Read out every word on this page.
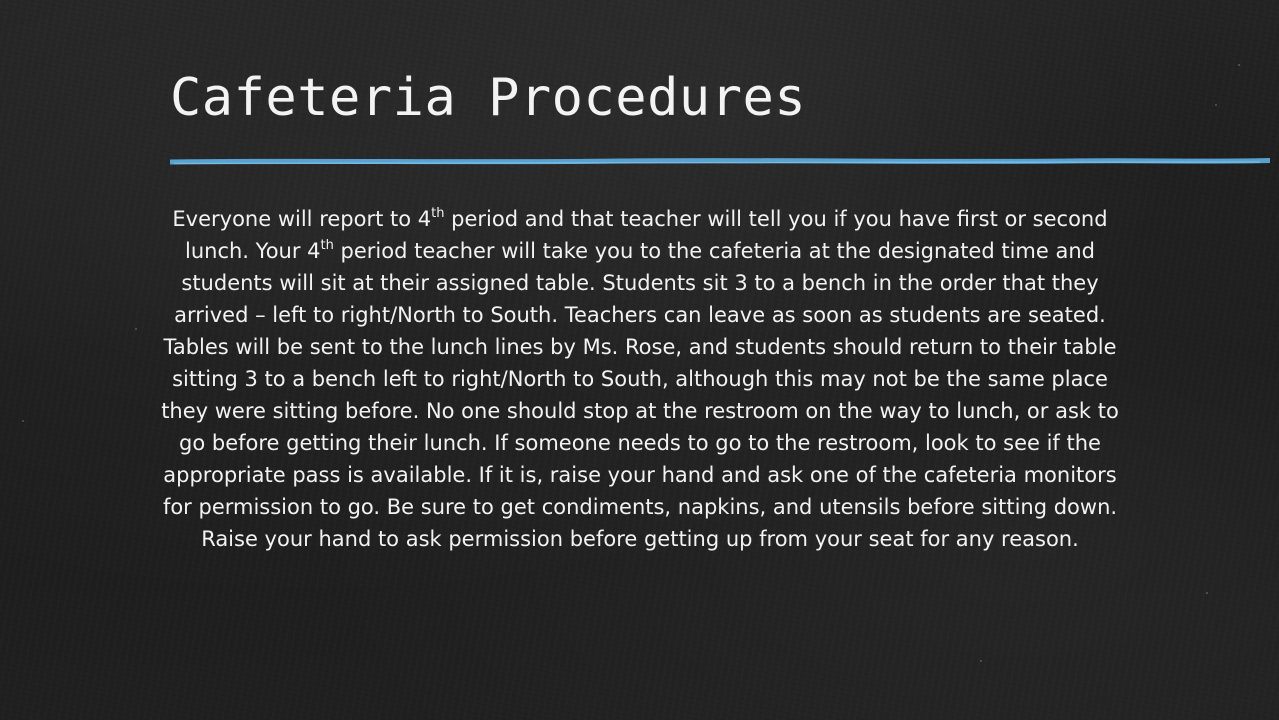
Cafeteria Procedures

Everyone will report to 4th period and that teacher will tell you if you have first or second lunch. Your 4th period teacher will take you to the cafeteria at the designated time and students will sit at their assigned table. Students sit 3 to a bench in the order that they arrived – left to right/North to South. Teachers can leave as soon as students are seated. Tables will be sent to the lunch lines by Ms. Rose, and students should return to their table sitting 3 to a bench left to right/North to South, although this may not be the same place they were sitting before. No one should stop at the restroom on the way to lunch, or ask to go before getting their lunch. If someone needs to go to the restroom, look to see if the appropriate pass is available. If it is, raise your hand and ask one of the cafeteria monitors for permission to go. Be sure to get condiments, napkins, and utensils before sitting down. Raise your hand to ask permission before getting up from your seat for any reason.
